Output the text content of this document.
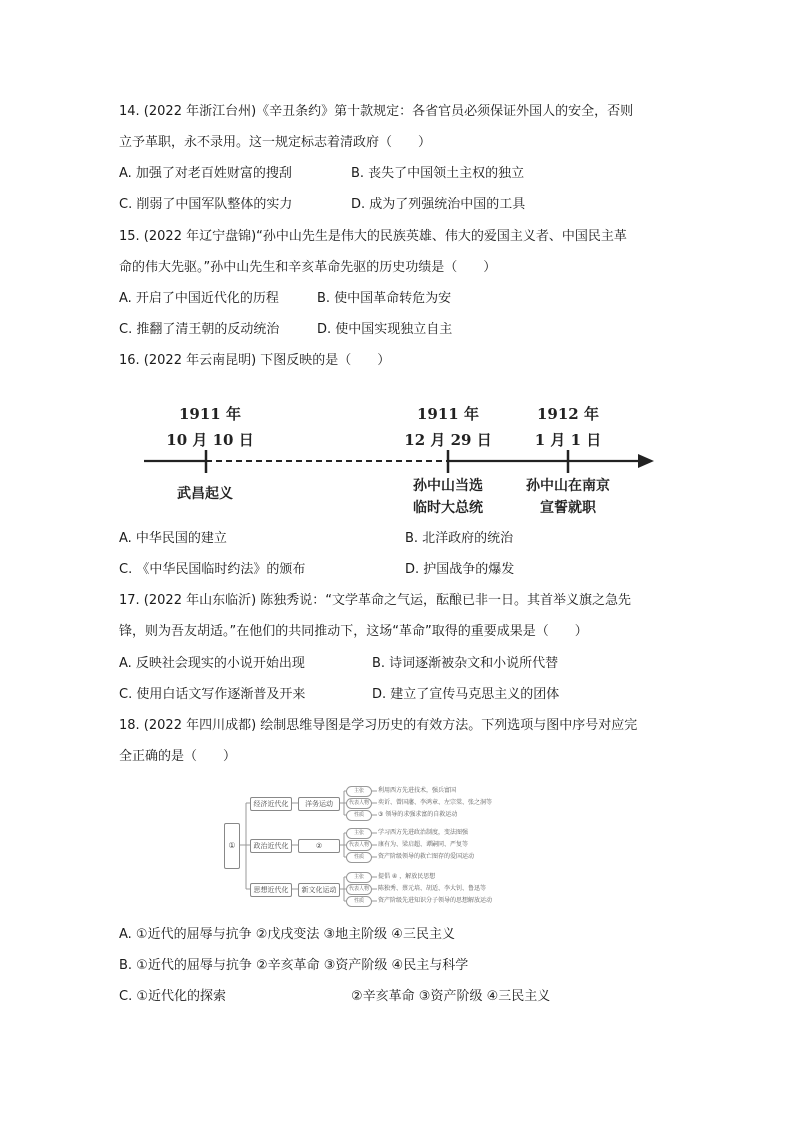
14. (2022 年浙江台州)《辛丑条约》第十款规定：各省官员必须保证外国人的安全，否则
立予革职，永不录用。这一规定标志着清政府（　　）
A. 加强了对老百姓财富的搜刮	B. 丧失了中国领土主权的独立
C. 削弱了中国军队整体的实力	D. 成为了列强统治中国的工具
15. (2022 年辽宁盘锦)“孙中山先生是伟大的民族英雄、伟大的爱国主义者、中国民主革
命的伟大先驱。”孙中山先生和辛亥革命先驱的历史功绩是（　　）
A. 开启了中国近代化的历程	B. 使中国革命转危为安
C. 推翻了清王朝的反动统治	D. 使中国实现独立自主
16. (2022 年云南昆明) 下图反映的是（　　）
1911 年
10 月 10 日
武昌起义
1911 年
12 月 29 日
孙中山当选
临时大总统
1912 年
1 月 1 日
孙中山在南京
宣誓就职
A. 中华民国的建立	B. 北洋政府的统治
C. 《中华民国临时约法》的颁布	D. 护国战争的爆发
17. (2022 年山东临沂) 陈独秀说：“文学革命之气运，酝酿已非一日。其首举义旗之急先
锋，则为吾友胡适。”在他们的共同推动下，这场“革命”取得的重要成果是（　　）
A. 反映社会现实的小说开始出现	B. 诗词逐渐被杂文和小说所代替
C. 使用白话文写作逐渐普及开来	D. 建立了宣传马克思主义的团体
18. (2022 年四川成都) 绘制思维导图是学习历史的有效方法。下列选项与图中序号对应完
全正确的是（　　）
①
经济近代化	洋务运动
政治近代化	②
思想近代化	新文化运动
主张
代表人物
性质
利用西方先进技术，强兵富国
奕䜣、曾国藩、李鸿章、左宗棠、张之洞等
③ 领导的求强求富的自救运动
主张
代表人物
性质
学习西方先进政治制度，变法图强
康有为、梁启超、谭嗣同、严复等
资产阶级领导的救亡图存的爱国运动
主张
代表人物
性质
提倡 ④ ，解放民思想
陈独秀、蔡元培、胡适、李大钊、鲁迅等
资产阶级先进知识分子领导的思想解放运动
A. ①近代的屈辱与抗争 ②戊戌变法 ③地主阶级 ④三民主义
B. ①近代的屈辱与抗争 ②辛亥革命 ③资产阶级 ④民主与科学
C. ①近代化的探索	②辛亥革命 ③资产阶级 ④三民主义
